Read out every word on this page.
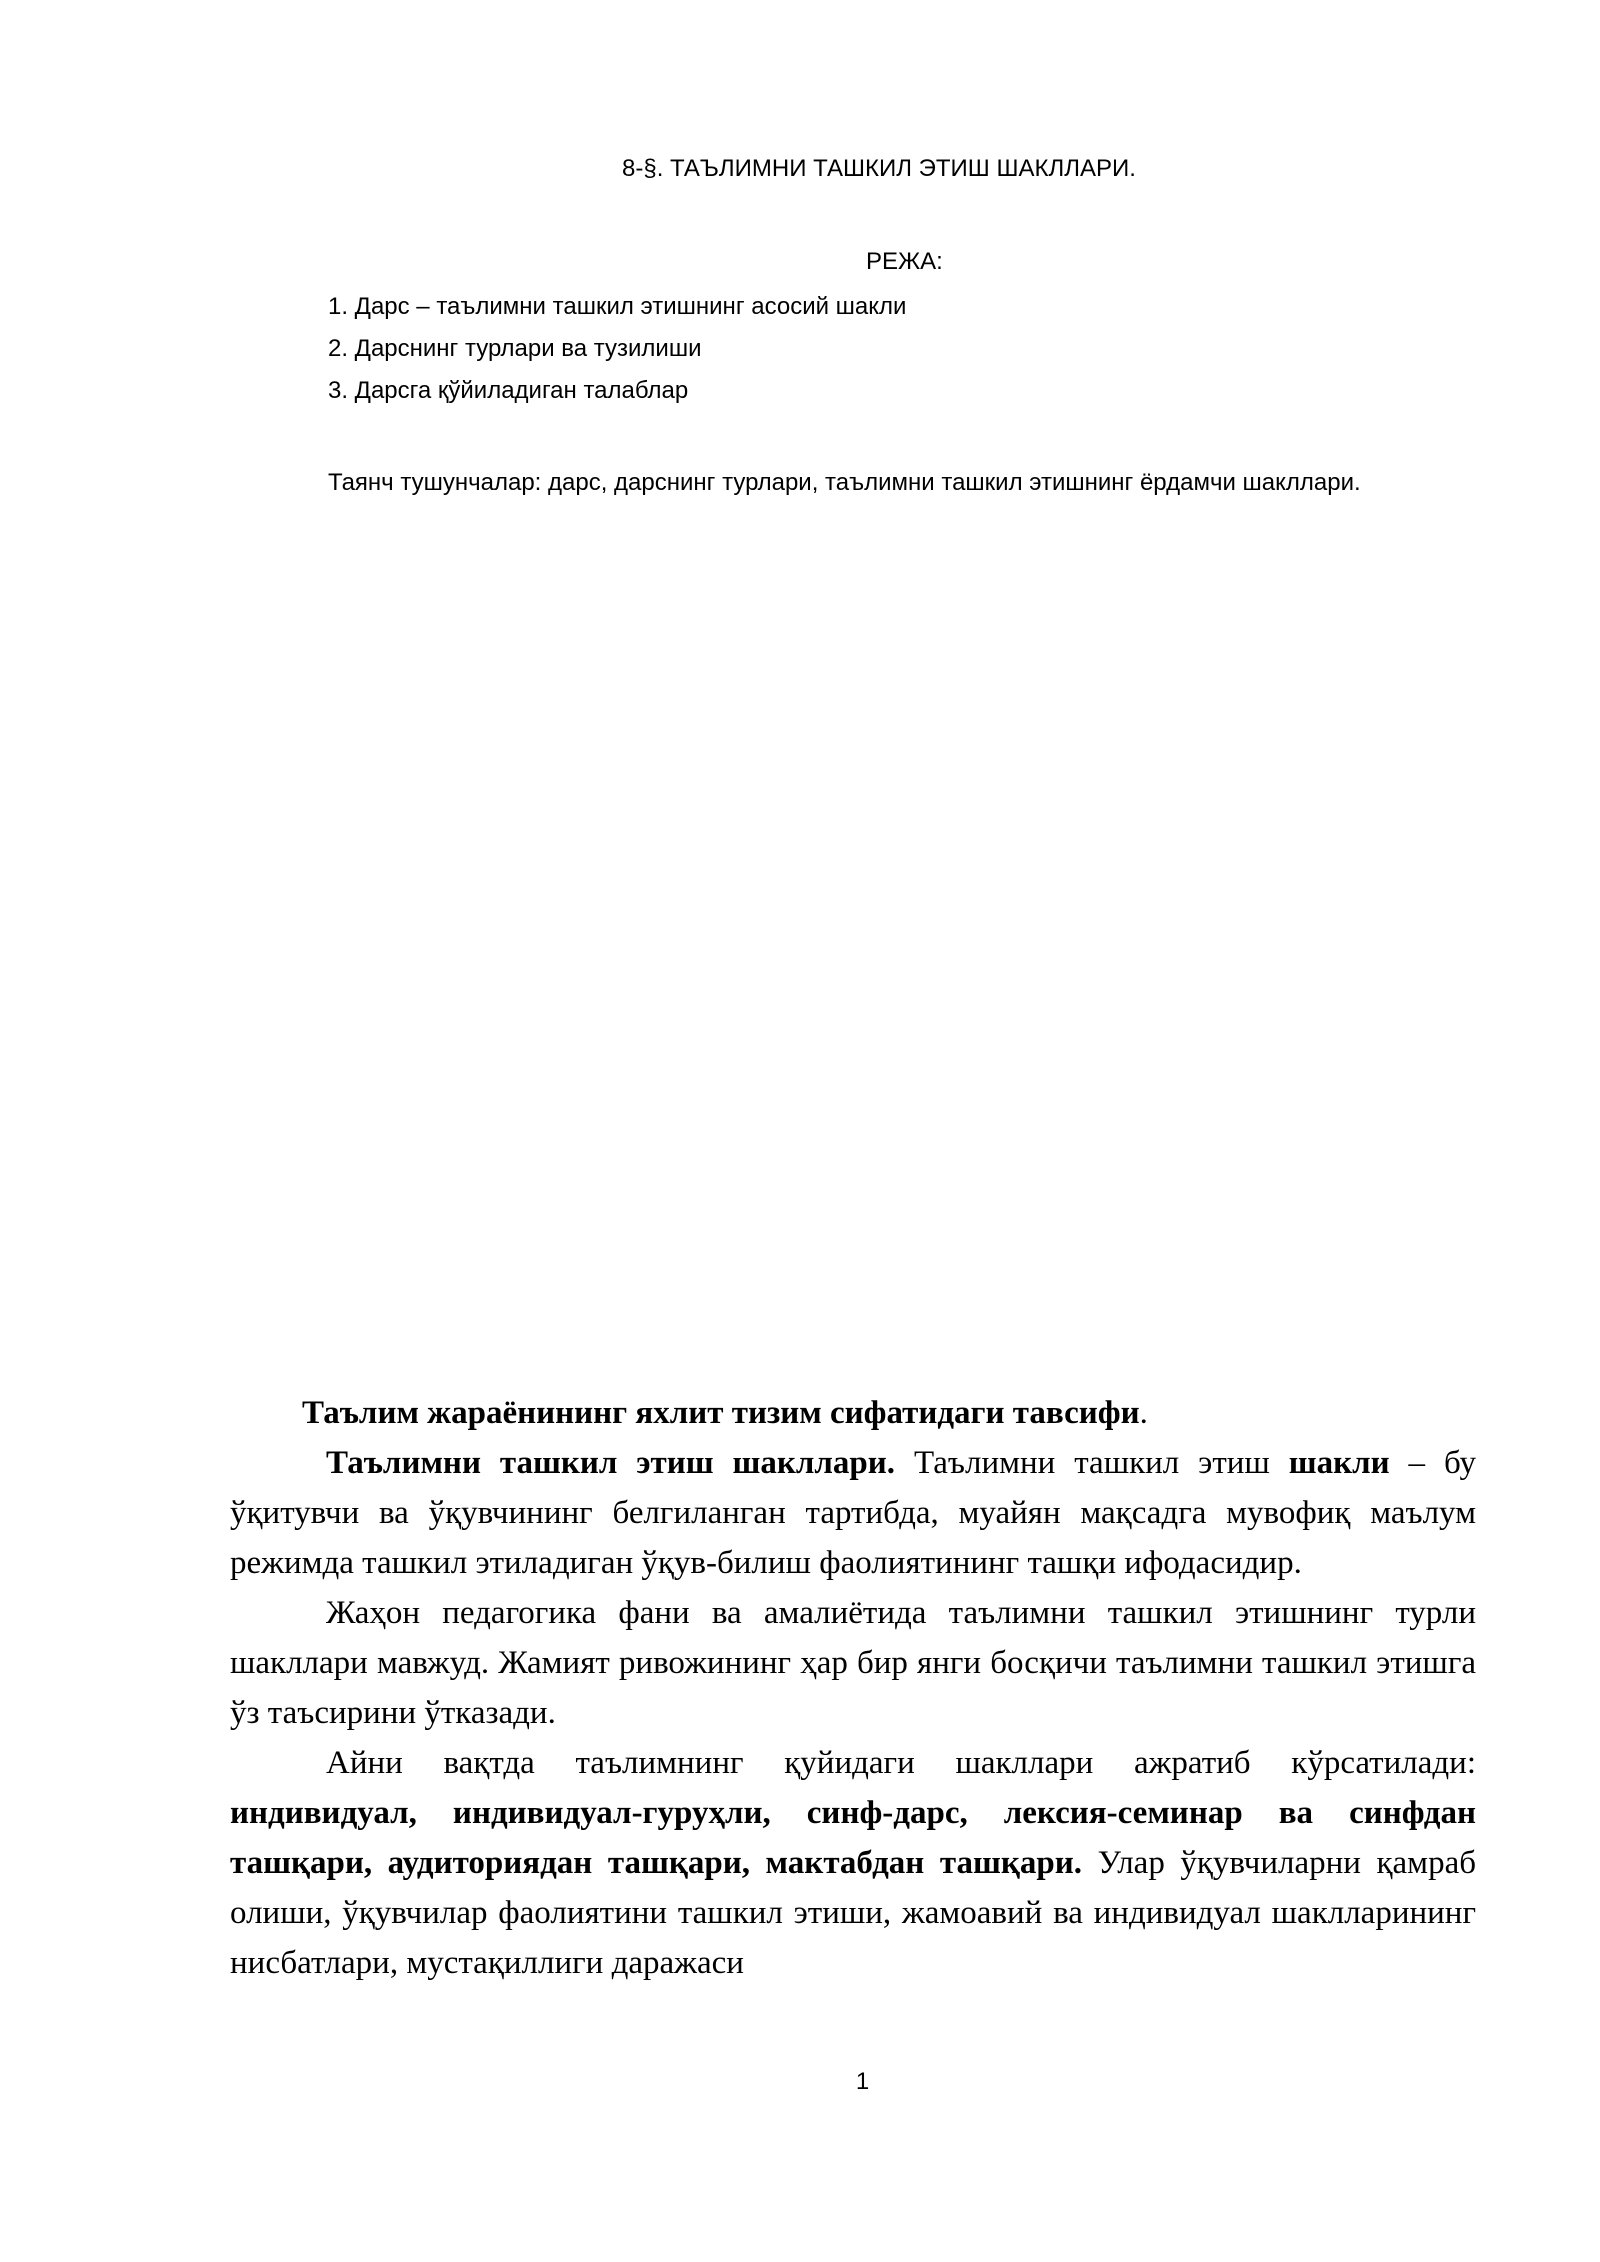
8-§. ТАЪЛИМНИ ТАШКИЛ ЭТИШ ШАКЛЛАРИ.
РЕЖА:
1. Дарс – таълимни ташкил этишнинг асосий шакли
2. Дарснинг турлари ва тузилиши
3. Дарсга қўйиладиган талаблар

Таянч тушунчалар: дарс, дарснинг турлари, таълимни ташкил этишнинг ёрдамчи шакллари.

Таълим жараёнининг яхлит тизим сифатидаги тавсифи.

Таълимни ташкил этиш шакллари. Таълимни ташкил этиш шакли – бу ўқитувчи ва ўқувчининг белгиланган тартибда, муайян мақсадга мувофиқ маълум режимда ташкил этиладиган ўқув-билиш фаолиятининг ташқи ифодасидир.

Жаҳон педагогика фани ва амалиётида таълимни ташкил этишнинг турли шакллари мавжуд. Жамият ривожининг ҳар бир янги босқичи таълимни ташкил этишга ўз таъсирини ўтказади.

Айни вақтда таълимнинг қуйидаги шакллари ажратиб кўрсатилади: индивидуал, индивидуал-гуруҳли, синф-дарс, лексия-семинар ва синфдан ташқари, аудиториядан ташқари, мактабдан ташқари. Улар ўқувчиларни қамраб олиши, ўқувчилар фаолиятини ташкил этиши, жамоавий ва индивидуал шаклларининг нисбатлари, мустақиллиги даражаси

1
